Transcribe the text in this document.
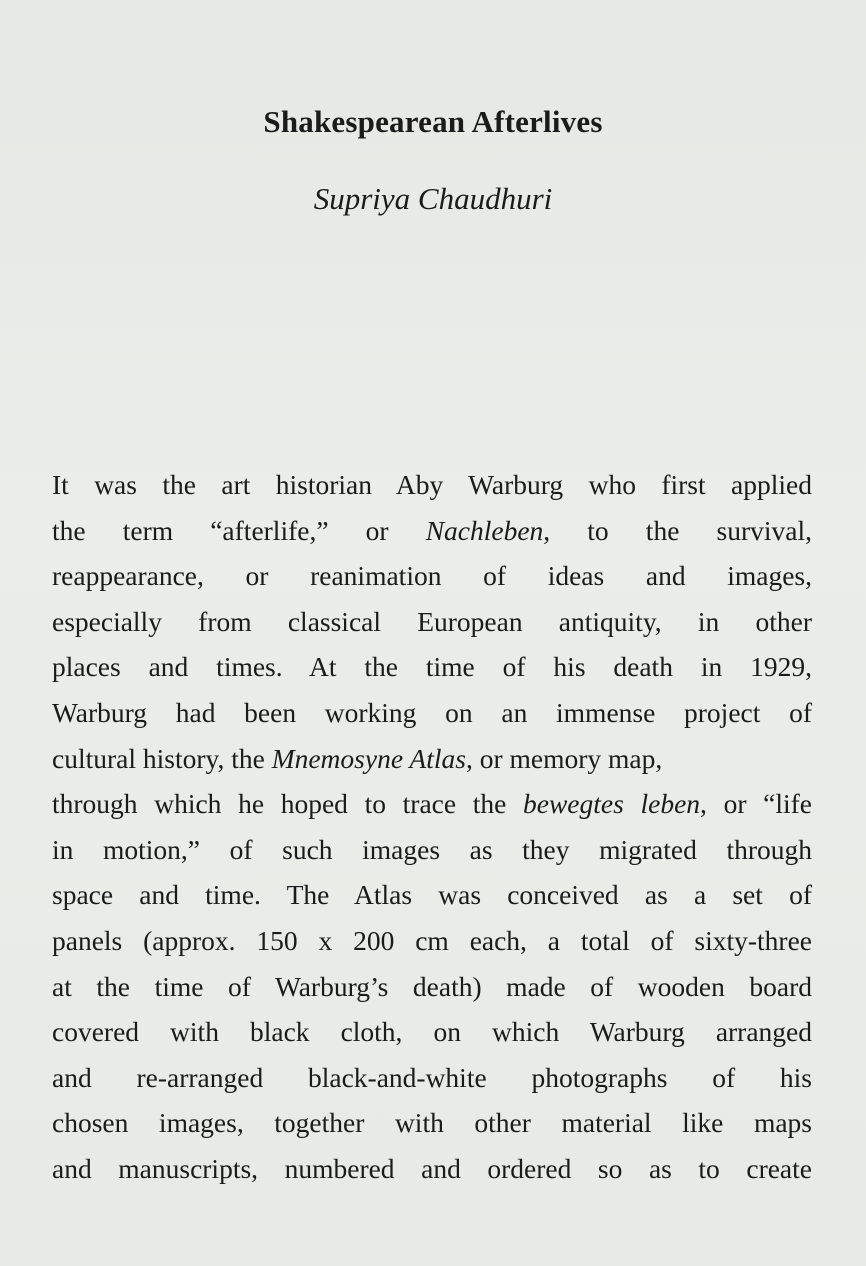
Shakespearean Afterlives
Supriya Chaudhuri
It was the art historian Aby Warburg who first applied
the term “afterlife,” or Nachleben, to the survival,
reappearance, or reanimation of ideas and images,
especially from classical European antiquity, in other
places and times. At the time of his death in 1929,
Warburg had been working on an immense project of
cultural history, the Mnemosyne Atlas, or memory map,
through which he hoped to trace the bewegtes leben, or “life
in motion,” of such images as they migrated through
space and time. The Atlas was conceived as a set of
panels (approx. 150 x 200 cm each, a total of sixty-three
at the time of Warburg’s death) made of wooden board
covered with black cloth, on which Warburg arranged
and re-arranged black-and-white photographs of his
chosen images, together with other material like maps
and manuscripts, numbered and ordered so as to create
